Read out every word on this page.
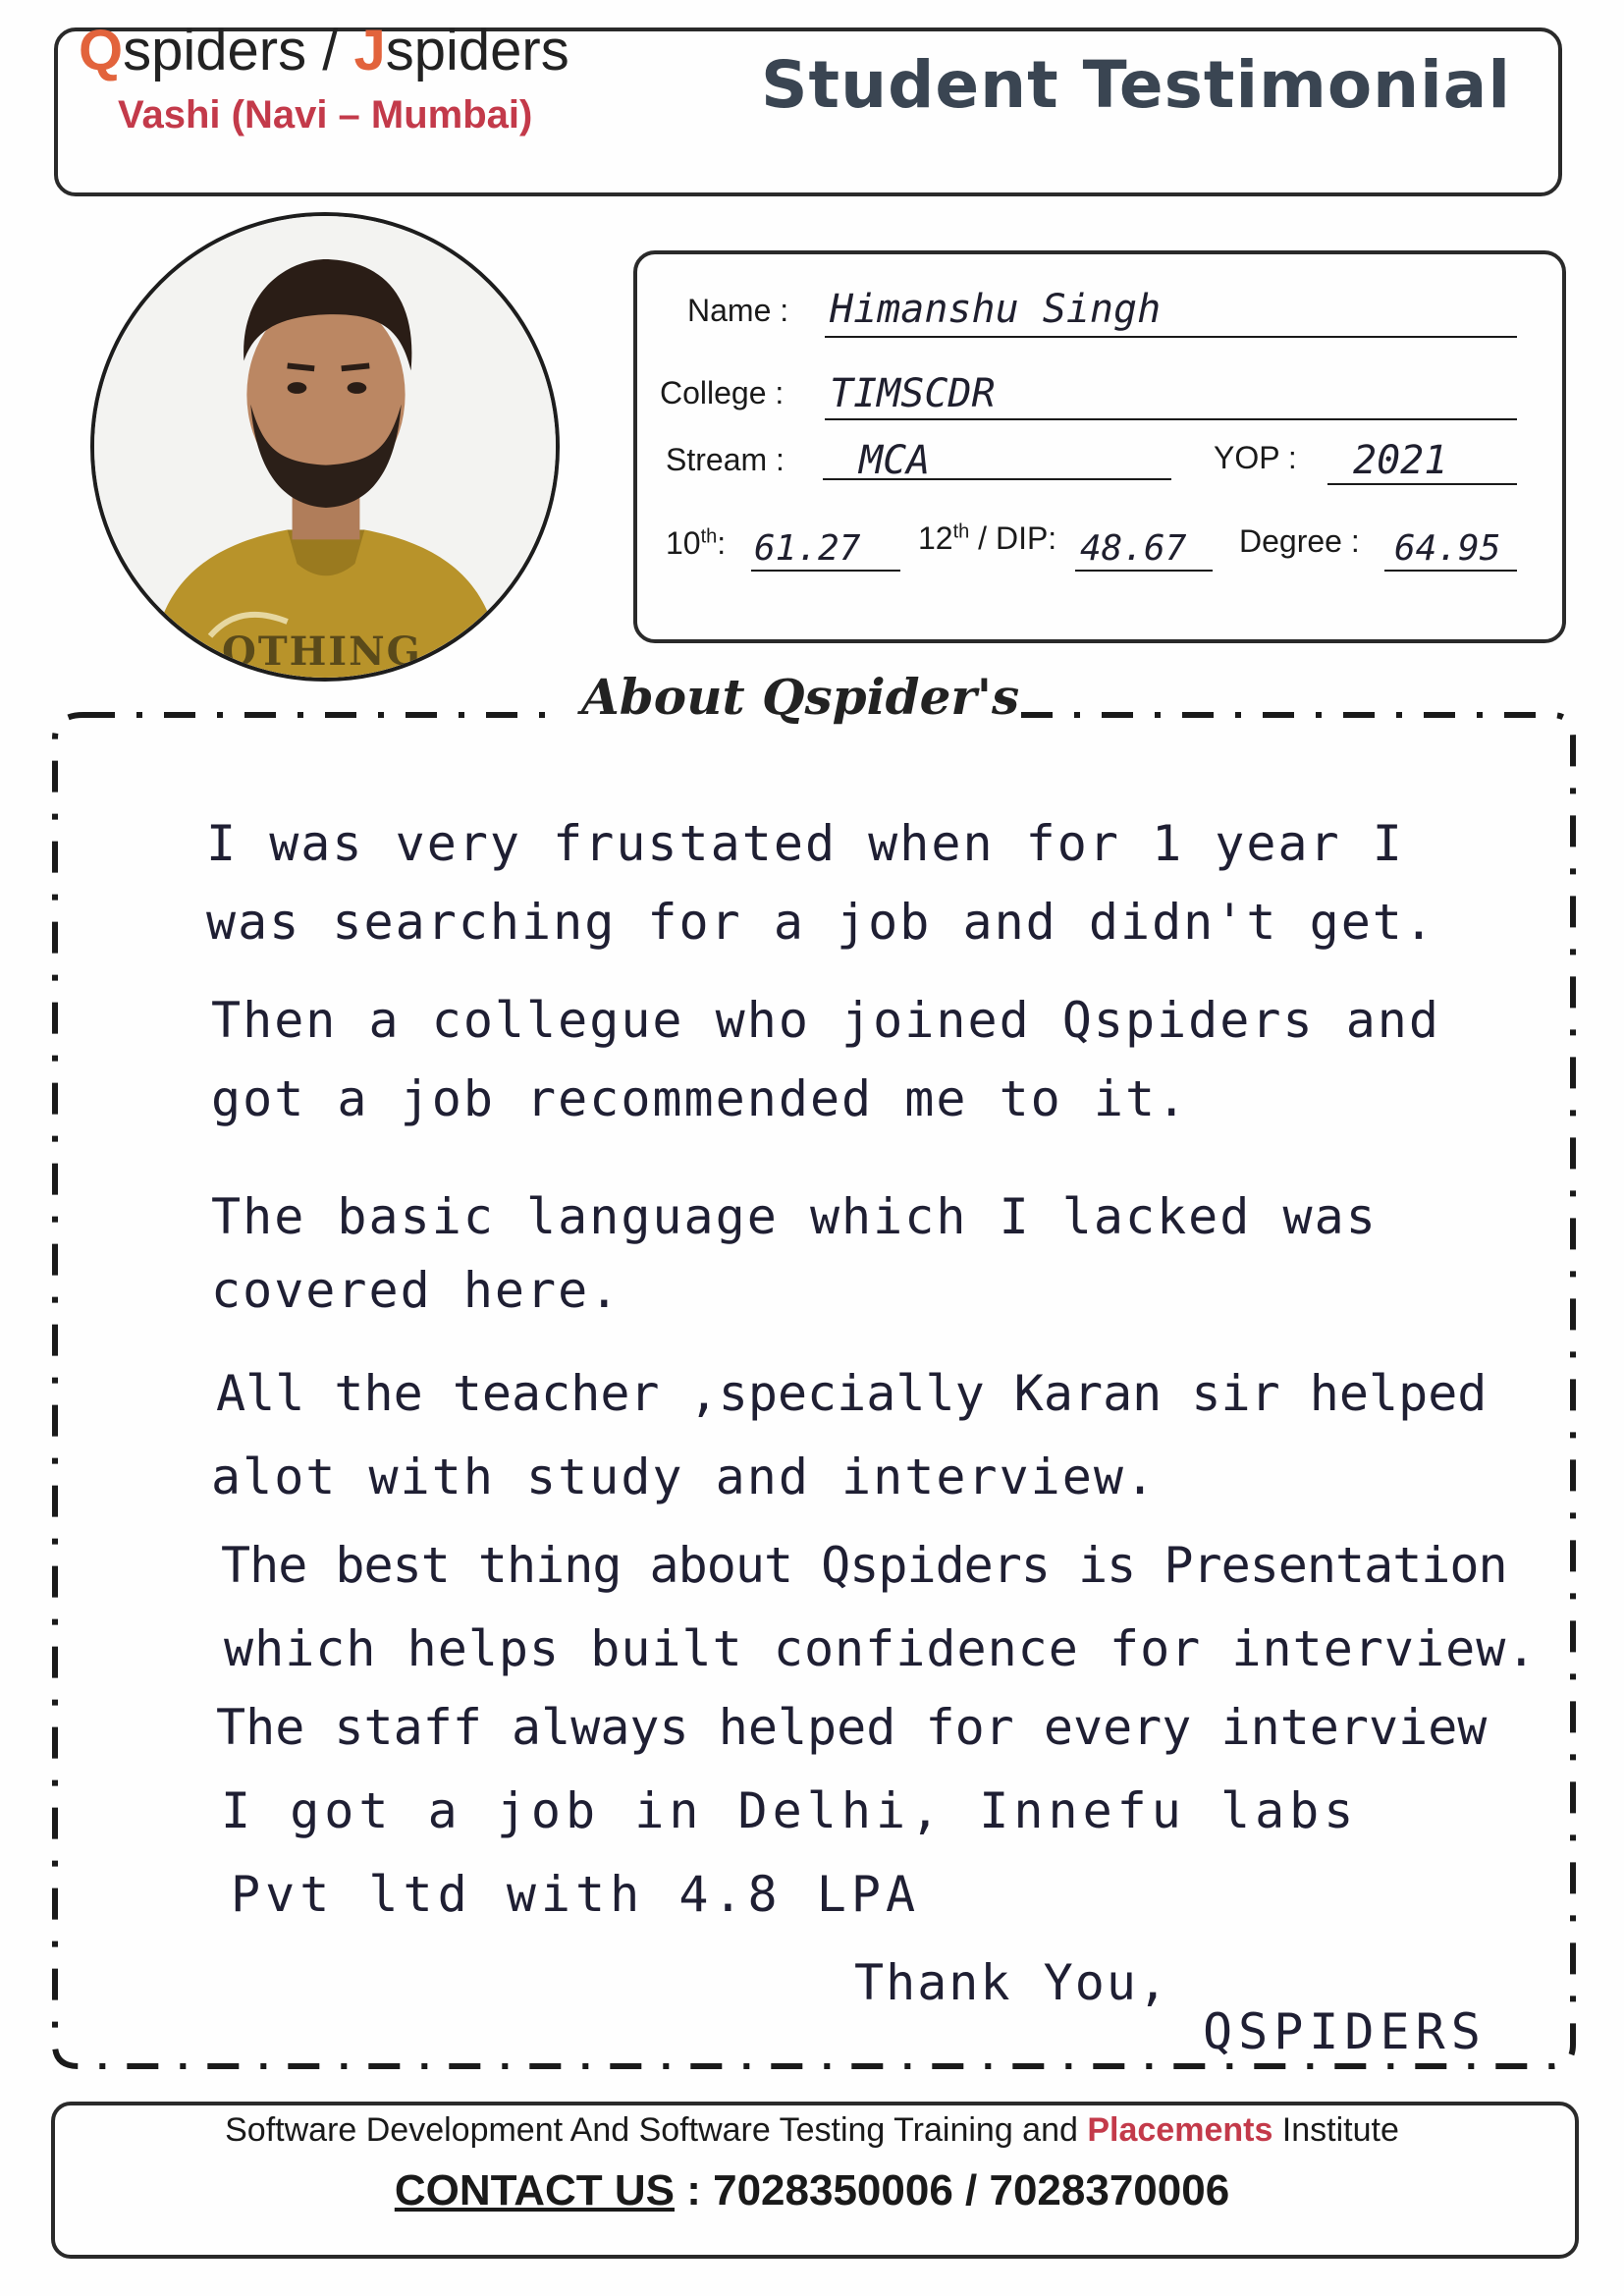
Qspiders / Jspiders
Vashi (Navi – Mumbai)	Student Testimonial
OTHING
Name : Himanshu Singh
College : TIMSCDR
Stream : MCA	YOP : 2021
10th: 61.27 12th / DIP: 48.67 Degree : 64.95
About Qspider's
I was very frustated when for 1 year I
was searching for a job and didn't get.
Then a collegue who joined Qspiders and
got a job recommended me to it.
The basic language which I lacked was
covered here.
All the teacher ,specially Karan sir helped
alot with study and interview.
The best thing about Qspiders is Presentation
which helps built confidence for interview.
The staff always helped for every interview
I got a job in Delhi, Innefu labs
Pvt ltd with 4.8 LPA
Thank You,
QSPIDERS
Software Development And Software Testing Training and Placements Institute
CONTACT US : 7028350006 / 7028370006
